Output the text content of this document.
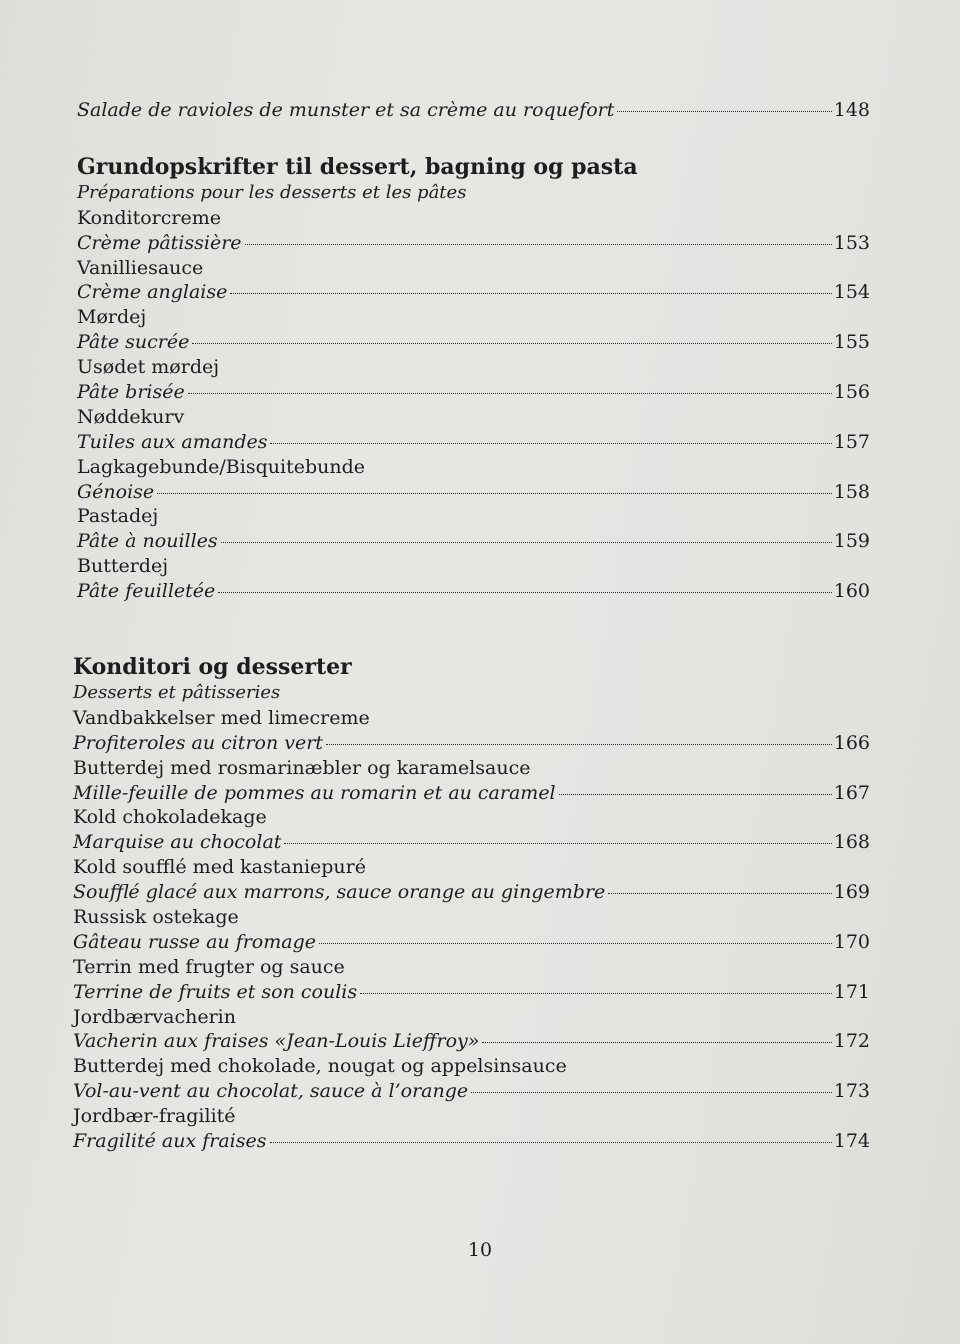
Salade de ravioles de munster et sa crème au roquefort	148
Grundopskrifter til dessert, bagning og pasta
Préparations pour les desserts et les pâtes
Konditorcreme
Crème pâtissière	153
Vanilliesauce
Crème anglaise	154
Mørdej
Pâte sucrée	155
Usødet mørdej
Pâte brisée	156
Nøddekurv
Tuiles aux amandes	157
Lagkagebunde/Bisquitebunde
Génoise	158
Pastadej
Pâte à nouilles	159
Butterdej
Pâte feuilletée	160
Konditori og desserter
Desserts et pâtisseries
Vandbakkelser med limecreme
Profiteroles au citron vert	166
Butterdej med rosmarinæbler og karamelsauce
Mille-feuille de pommes au romarin et au caramel	167
Kold chokoladekage
Marquise au chocolat	168
Kold soufflé med kastaniepuré
Soufflé glacé aux marrons, sauce orange au gingembre	169
Russisk ostekage
Gâteau russe au fromage	170
Terrin med frugter og sauce
Terrine de fruits et son coulis	171
Jordbærvacherin
Vacherin aux fraises «Jean-Louis Lieffroy»	172
Butterdej med chokolade, nougat og appelsinsauce
Vol-au-vent au chocolat, sauce à l’orange	173
Jordbær-fragilité
Fragilité aux fraises	174
10
